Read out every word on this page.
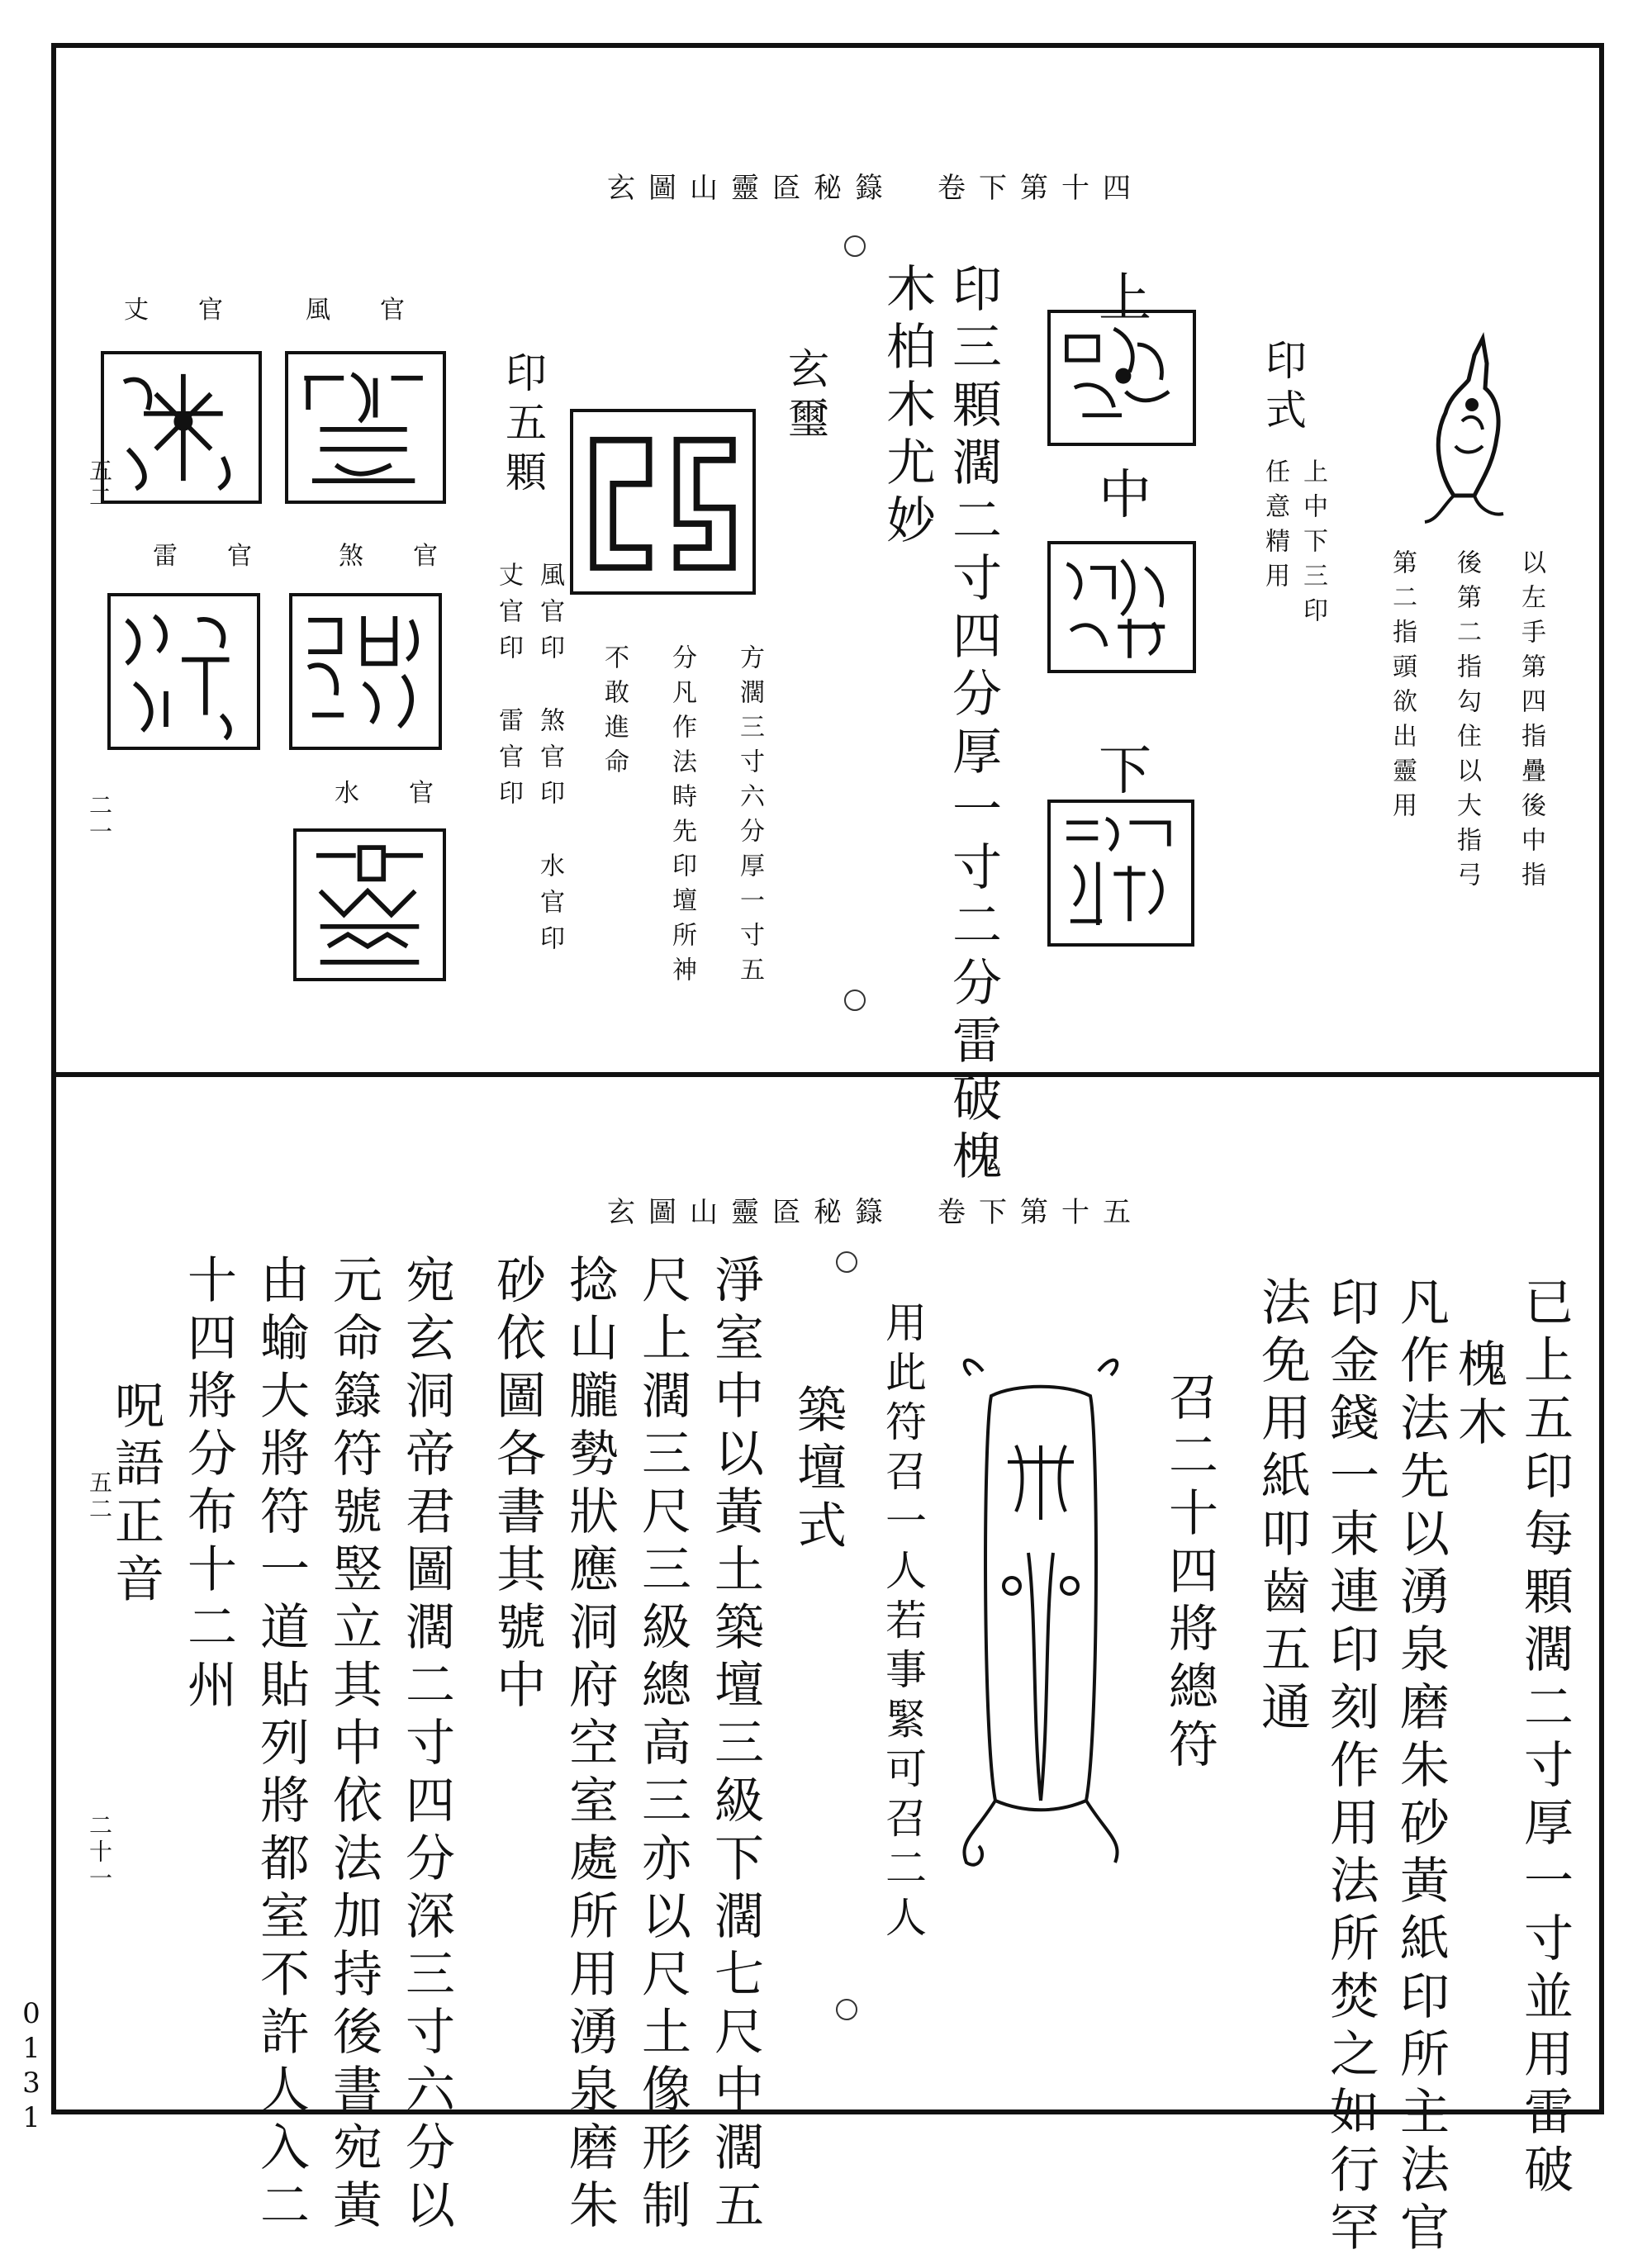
0131
玄圖山靈匼秘籙　卷下第十四
以左手第四指疊後中指
後第二指勾住以大指弓
第二指頭欲出靈用
印式
上中下三印
任意精用
上
中
下
印三顆濶二寸四分厚一寸二分雷破槐
木柏木尤妙
玄璽
方濶三寸六分厚一寸五
分凡作法時先印壇所神
不敢進命
印五顆
風官印　煞官印　水官印
丈官印　雷官印
風官
丈官
煞官
雷官
水官
五二
二一
玄圖山靈匼秘籙　卷下第十五
已上五印每顆濶二寸厚一寸並用雷破
槐木
凡作法先以湧泉磨朱砂黃紙印所主法官
印金錢一束連印刻作用法所焚之如行罕
法免用紙叩齒五通
召二十四將總符
用此符召一人若事緊可召二人
築壇式
淨室中以黃土築壇三級下濶七尺中濶五
尺上濶三尺三級總高三亦以尺土像形制
捻山朧勢狀應洞府空室處所用湧泉磨朱
砂依圖各書其號中
宛玄洞帝君圖濶二寸四分深三寸六分以
元命籙符號竪立其中依法加持後書宛黃
由蝓大將符一道貼列將都室不許人入二
十四將分布十二州
呪語正音
五二
二十一
